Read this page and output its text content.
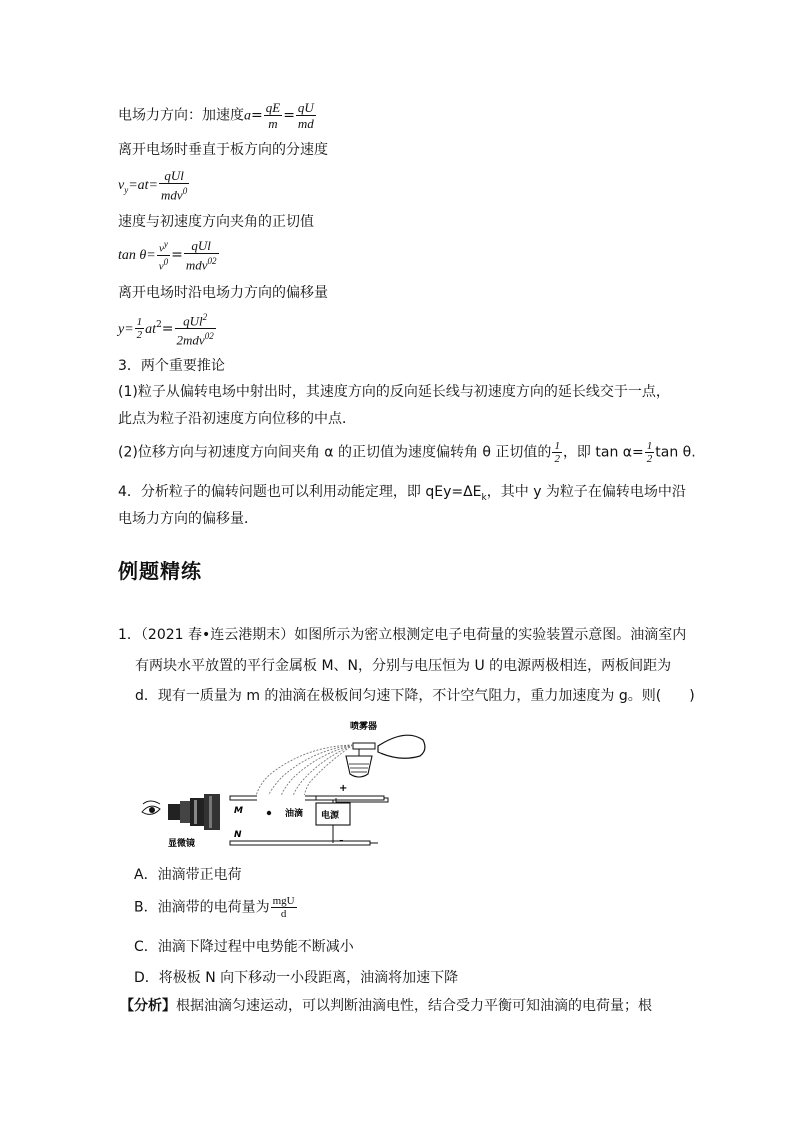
电场力方向：加速度$a= \frac{qE}{m} = \frac{qU}{md}$
离开电场时垂直于板方向的分速度
$v_y=at= \frac{\text{qUl}}{mdv^0}$
速度与初速度方向夹角的正切值
$\tan \theta= \frac{v^y}{v^0} = \frac{\text{qUl}}{mdv^{02}}$
离开电场时沿电场力方向的偏移量
$y= \frac{1}{2} at^2= \frac{qUl^2}{2mdv^{02}}$
3．两个重要推论
(1)粒子从偏转电场中射出时，其速度方向的反向延长线与初速度方向的延长线交于一点，
此点为粒子沿初速度方向位移的中点．
(2)位移方向与初速度方向间夹角 α 的正切值为速度偏转角 θ 正切值的 $\frac{1}{2}$ ，即 $\tan \alpha= \frac{1}{2}$ tan θ.
4．分析粒子的偏转问题也可以利用动能定理，即 $qEy=\Delta E_k$，其中 y 为粒子在偏转电场中沿
电场力方向的偏移量．
例题精练
1．（2021 春•连云港期末）如图所示为密立根测定电子电荷量的实验装置示意图。油滴室内
有两块水平放置的平行金属板 M、N，分别与电压恒为 U 的电源两极相连，两板间距为
d．现有一质量为 m 的油滴在极板间匀速下降，不计空气阻力，重力加速度为 g。则(　　)
喷雾器
M
N
油滴 电源
+
-
显微镜
A．油滴带正电荷
B．油滴带的电荷量为 $\frac{\text{mgU}}{d}$
C．油滴下降过程中电势能不断减小
D．将极板 N 向下移动一小段距离，油滴将加速下降
【分析】根据油滴匀速运动，可以判断油滴电性，结合受力平衡可知油滴的电荷量；根
